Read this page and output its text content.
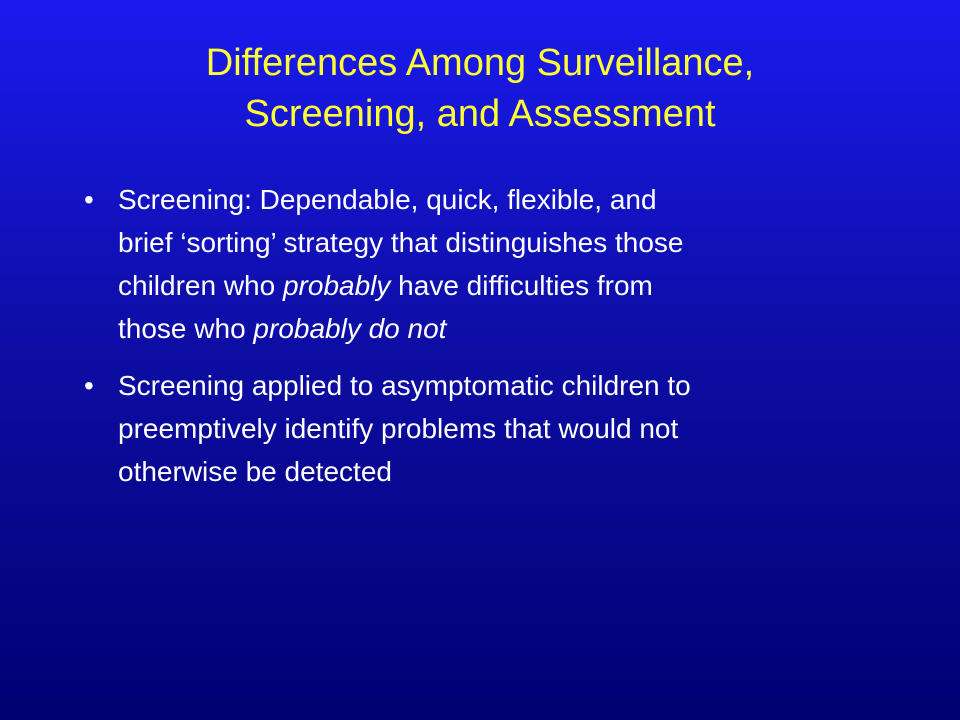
Differences Among Surveillance,
Screening, and Assessment
• Screening: Dependable, quick, flexible, and
brief ‘sorting’ strategy that distinguishes those
children who probably have difficulties from
those who probably do not
• Screening applied to asymptomatic children to
preemptively identify problems that would not
otherwise be detected
